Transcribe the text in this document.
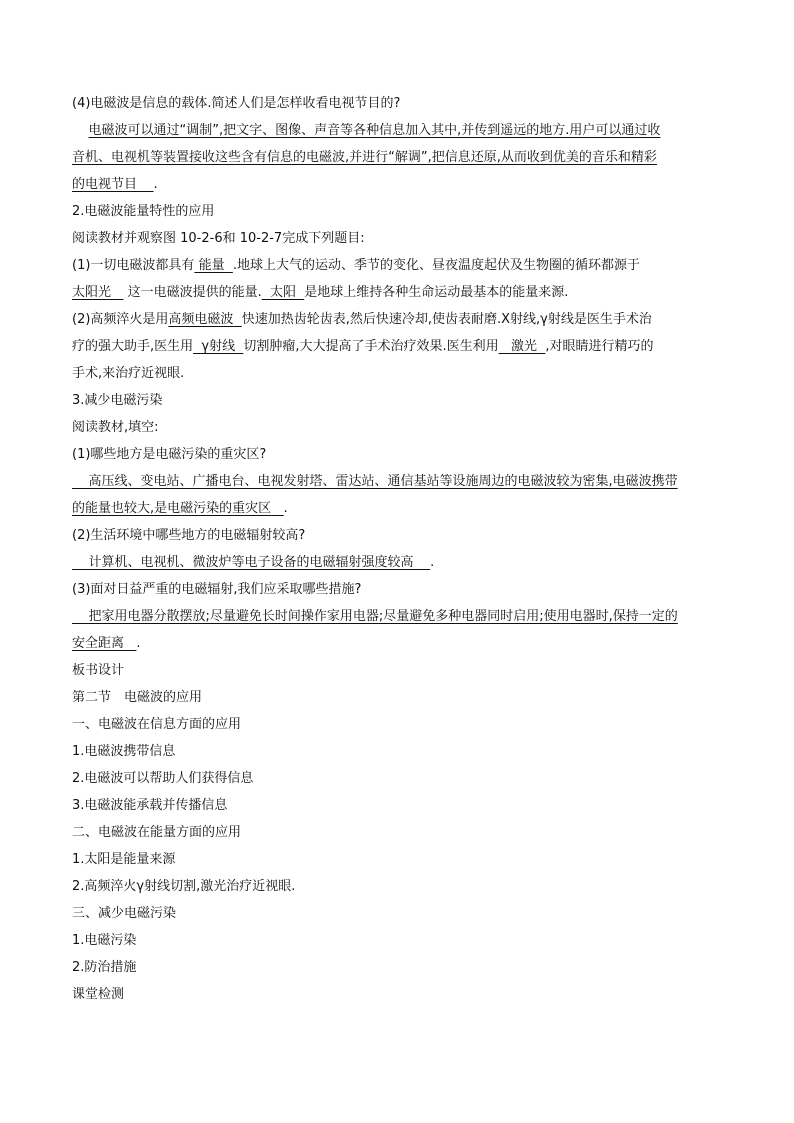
(4)电磁波是信息的载体.简述人们是怎样收看电视节目的?
电磁波可以通过“调制”,把文字、图像、声音等各种信息加入其中,并传到遥远的地方.用户可以通过收
音机、电视机等装置接收这些含有信息的电磁波,并进行“解调”,把信息还原,从而收到优美的音乐和精彩
的电视节目 .
2.电磁波能量特性的应用
阅读教材并观察图 10-2-6和 10-2-7完成下列题目:
(1)一切电磁波都具有 能量 .地球上大气的运动、季节的变化、昼夜温度起伏及生物圈的循环都源于
太阳光 这一电磁波提供的能量. 太阳 是地球上维持各种生命运动最基本的能量来源.
(2)高频淬火是用高频电磁波 快速加热齿轮齿表,然后快速冷却,使齿表耐磨.X射线,γ射线是医生手术治
疗的强大助手,医生用 γ射线 切割肿瘤,大大提高了手术治疗效果.医生利用 激光 ,对眼睛进行精巧的
手术,来治疗近视眼.
3.减少电磁污染
阅读教材,填空:
(1)哪些地方是电磁污染的重灾区?
高压线、变电站、广播电台、电视发射塔、雷达站、通信基站等设施周边的电磁波较为密集,电磁波携带
的能量也较大,是电磁污染的重灾区 .
(2)生活环境中哪些地方的电磁辐射较高?
计算机、电视机、微波炉等电子设备的电磁辐射强度较高 .
(3)面对日益严重的电磁辐射,我们应采取哪些措施?
把家用电器分散摆放;尽量避免长时间操作家用电器;尽量避免多种电器同时启用;使用电器时,保持一定的
安全距离 .
板书设计
第二节　电磁波的应用
一、电磁波在信息方面的应用
1.电磁波携带信息
2.电磁波可以帮助人们获得信息
3.电磁波能承载并传播信息
二、电磁波在能量方面的应用
1.太阳是能量来源
2.高频淬火γ射线切割,激光治疗近视眼.
三、减少电磁污染
1.电磁污染
2.防治措施
课堂检测
